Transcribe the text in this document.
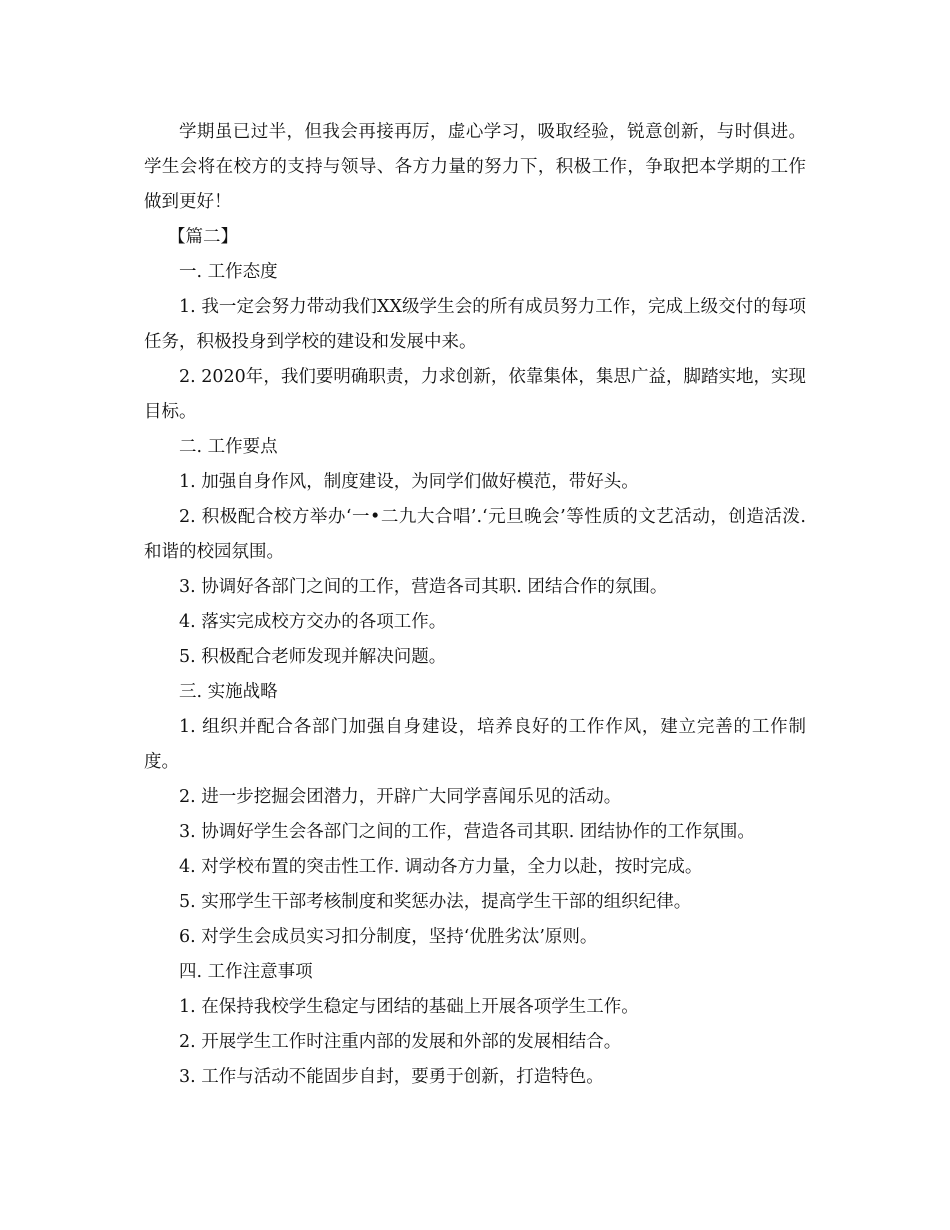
学期虽已过半，但我会再接再厉，虚心学习，吸取经验，锐意创新，与时俱进。学生会将在校方的支持与领导、各方力量的努力下，积极工作，争取把本学期的工作做到更好！

【篇二】

一. 工作态度

1. 我一定会努力带动我们XX级学生会的所有成员努力工作，完成上级交付的每项任务，积极投身到学校的建设和发展中来。

2. 2020年，我们要明确职责，力求创新，依靠集体，集思广益，脚踏实地，实现目标。

二. 工作要点

1. 加强自身作风，制度建设，为同学们做好模范，带好头。

2. 积极配合校方举办‘一•二九大合唱’.‘元旦晚会’等性质的文艺活动，创造活泼. 和谐的校园氛围。

3. 协调好各部门之间的工作，营造各司其职. 团结合作的氛围。

4. 落实完成校方交办的各项工作。

5. 积极配合老师发现并解决问题。

三. 实施战略

1. 组织并配合各部门加强自身建设，培养良好的工作作风，建立完善的工作制度。

2. 进一步挖掘会团潜力，开辟广大同学喜闻乐见的活动。

3. 协调好学生会各部门之间的工作，营造各司其职. 团结协作的工作氛围。

4. 对学校布置的突击性工作. 调动各方力量，全力以赴，按时完成。

5. 实邢学生干部考核制度和奖惩办法，提高学生干部的组织纪律。

6. 对学生会成员实习扣分制度，坚持‘优胜劣汰’原则。

四. 工作注意事项

1. 在保持我校学生稳定与团结的基础上开展各项学生工作。

2. 开展学生工作时注重内部的发展和外部的发展相结合。

3. 工作与活动不能固步自封，要勇于创新，打造特色。
